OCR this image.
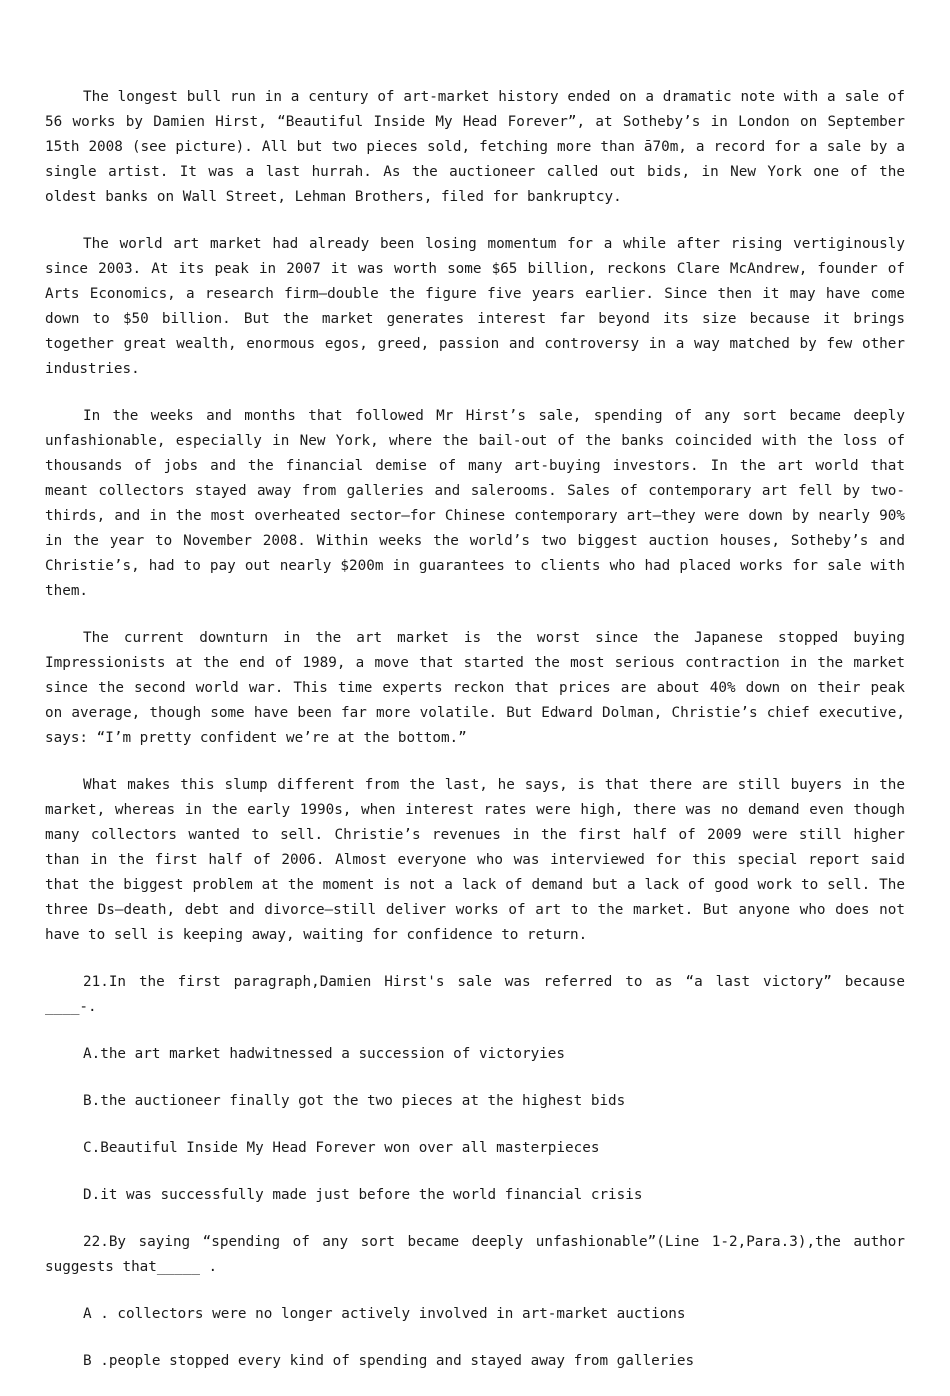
The longest bull run in a century of art-market history ended on a dramatic note with a sale of 56 works by Damien Hirst, “Beautiful Inside My Head Forever”, at Sotheby’s in London on September 15th 2008 (see picture). All but two pieces sold, fetching more than ā70m, a record for a sale by a single artist. It was a last hurrah. As the auctioneer called out bids, in New York one of the oldest banks on Wall Street, Lehman Brothers, filed for bankruptcy.

The world art market had already been losing momentum for a while after rising vertiginously since 2003. At its peak in 2007 it was worth some $65 billion, reckons Clare McAndrew, founder of Arts Economics, a research firm—double the figure five years earlier. Since then it may have come down to $50 billion. But the market generates interest far beyond its size because it brings together great wealth, enormous egos, greed, passion and controversy in a way matched by few other industries.

In the weeks and months that followed Mr Hirst’s sale, spending of any sort became deeply unfashionable, especially in New York, where the bail-out of the banks coincided with the loss of thousands of jobs and the financial demise of many art-buying investors. In the art world that meant collectors stayed away from galleries and salerooms. Sales of contemporary art fell by two-thirds, and in the most overheated sector—for Chinese contemporary art—they were down by nearly 90% in the year to November 2008. Within weeks the world’s two biggest auction houses, Sotheby’s and Christie’s, had to pay out nearly $200m in guarantees to clients who had placed works for sale with them.

The current downturn in the art market is the worst since the Japanese stopped buying Impressionists at the end of 1989, a move that started the most serious contraction in the market since the second world war. This time experts reckon that prices are about 40% down on their peak on average, though some have been far more volatile. But Edward Dolman, Christie’s chief executive, says: “I’m pretty confident we’re at the bottom.”

What makes this slump different from the last, he says, is that there are still buyers in the market, whereas in the early 1990s, when interest rates were high, there was no demand even though many collectors wanted to sell. Christie’s revenues in the first half of 2009 were still higher than in the first half of 2006. Almost everyone who was interviewed for this special report said that the biggest problem at the moment is not a lack of demand but a lack of good work to sell. The three Ds—death, debt and divorce—still deliver works of art to the market. But anyone who does not have to sell is keeping away, waiting for confidence to return.

21.In the first paragraph,Damien Hirst's sale was referred to as “a last victory” because ____-.

A.the art market hadwitnessed a succession of victoryies

B.the auctioneer finally got the two pieces at the highest bids

C.Beautiful Inside My Head Forever won over all masterpieces

D.it was successfully made just before the world financial crisis

22.By saying “spending of any sort became deeply unfashionable”(Line 1-2,Para.3),the author suggests that_____ .

A . collectors were no longer actively involved in art-market auctions

B .people stopped every kind of spending and stayed away from galleries
